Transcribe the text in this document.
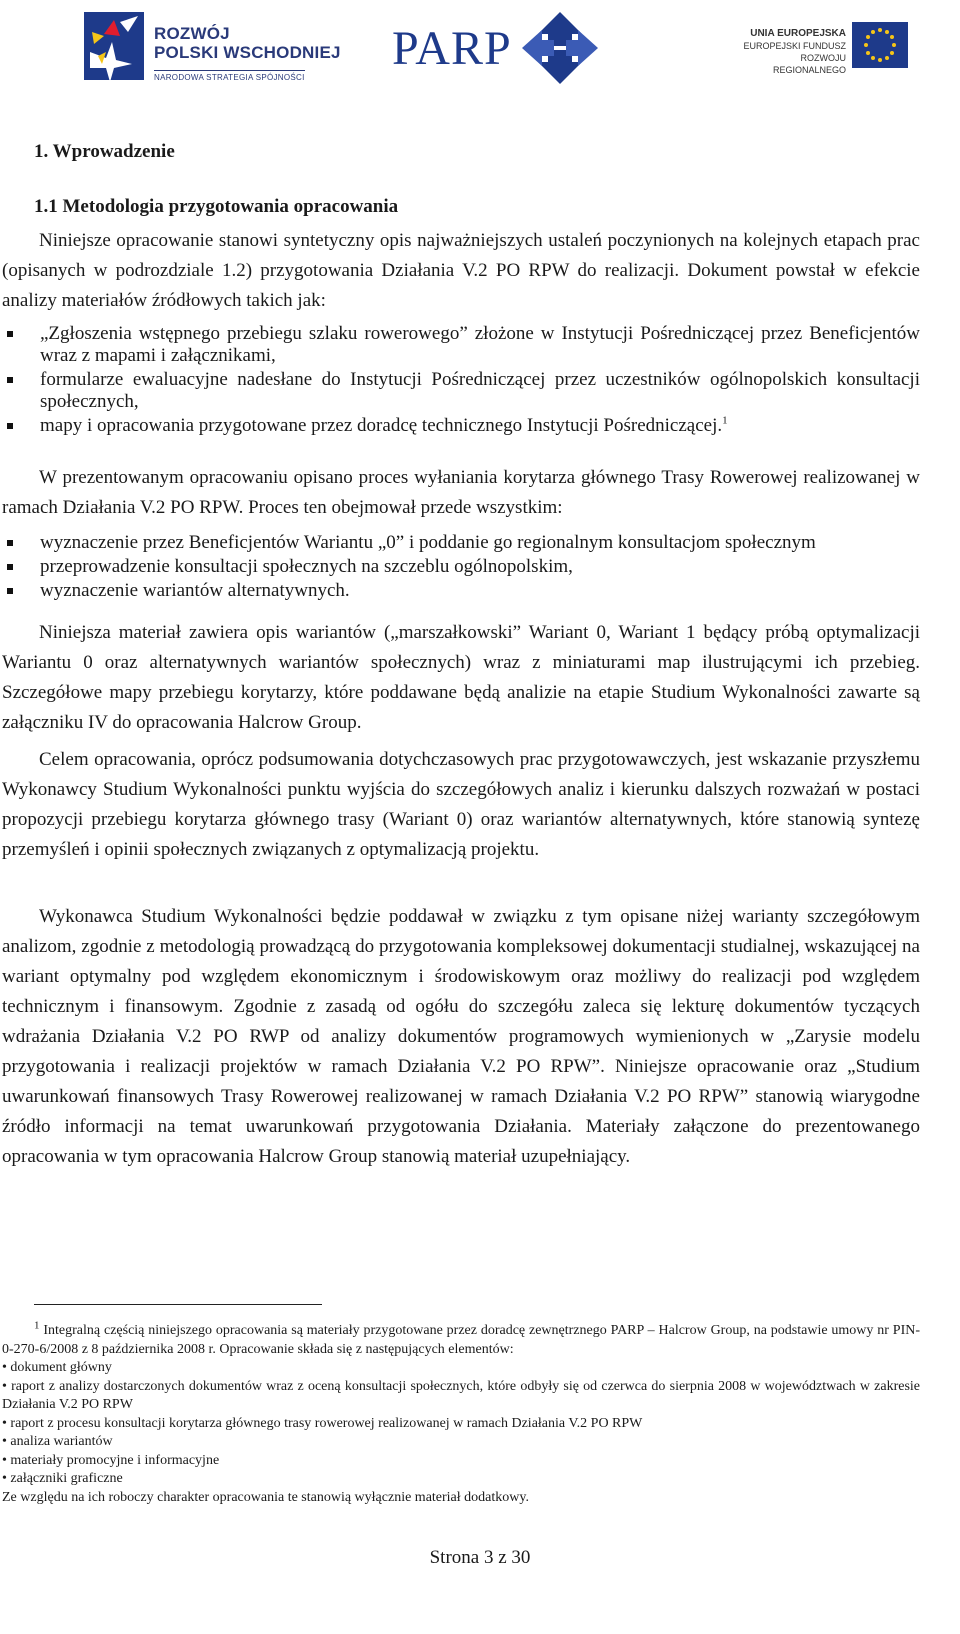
ROZWÓJ
POLSKI WSCHODNIEJ
NARODOWA STRATEGIA SPÓJNOŚCI
PARP	UNIA EUROPEJSKA
EUROPEJSKI FUNDUSZ
ROZWOJU REGIONALNEGO
1. Wprowadzenie
1.1 Metodologia przygotowania opracowania

Niniejsze opracowanie stanowi syntetyczny opis najważniejszych ustaleń poczynionych na kolejnych etapach prac (opisanych w podrozdziale 1.2) przygotowania Działania V.2 PO RPW do realizacji. Dokument powstał w efekcie analizy materiałów źródłowych takich jak:

„Zgłoszenia wstępnego przebiegu szlaku rowerowego” złożone w Instytucji Pośredniczącej przez Beneficjentów wraz z mapami i załącznikami,
formularze ewaluacyjne nadesłane do Instytucji Pośredniczącej przez uczestników ogólnopolskich konsultacji społecznych,
mapy i opracowania przygotowane przez doradcę technicznego Instytucji Pośredniczącej.$^1$

W prezentowanym opracowaniu opisano proces wyłaniania korytarza głównego Trasy Rowerowej realizowanej w ramach Działania V.2 PO RPW. Proces ten obejmował przede wszystkim:

wyznaczenie przez Beneficjentów Wariantu „0” i poddanie go regionalnym konsultacjom społecznym
przeprowadzenie konsultacji społecznych na szczeblu ogólnopolskim,
wyznaczenie wariantów alternatywnych.

Niniejsza materiał zawiera opis wariantów („marszałkowski” Wariant 0, Wariant 1 będący próbą optymalizacji Wariantu 0 oraz alternatywnych wariantów społecznych) wraz z miniaturami map ilustrującymi ich przebieg. Szczegółowe mapy przebiegu korytarzy, które poddawane będą analizie na etapie Studium Wykonalności zawarte są załączniku IV do opracowania Halcrow Group.

Celem opracowania, oprócz podsumowania dotychczasowych prac przygotowawczych, jest wskazanie przyszłemu Wykonawcy Studium Wykonalności punktu wyjścia do szczegółowych analiz i kierunku dalszych rozważań w postaci propozycji przebiegu korytarza głównego trasy (Wariant 0) oraz wariantów alternatywnych, które stanowią syntezę przemyśleń i opinii społecznych związanych z optymalizacją projektu.

Wykonawca Studium Wykonalności będzie poddawał w związku z tym opisane niżej warianty szczegółowym analizom, zgodnie z metodologią prowadzącą do przygotowania kompleksowej dokumentacji studialnej, wskazującej na wariant optymalny pod względem ekonomicznym i środowiskowym oraz możliwy do realizacji pod względem technicznym i finansowym. Zgodnie z zasadą od ogółu do szczegółu zaleca się lekturę dokumentów tyczących wdrażania Działania V.2 PO RWP od analizy dokumentów programowych wymienionych w „Zarysie modelu przygotowania i realizacji projektów w ramach Działania V.2 PO RPW”. Niniejsze opracowanie oraz „Studium uwarunkowań finansowych Trasy Rowerowej realizowanej w ramach Działania V.2 PO RPW” stanowią wiarygodne źródło informacji na temat uwarunkowań przygotowania Działania. Materiały załączone do prezentowanego opracowania w tym opracowania Halcrow Group stanowią materiał uzupełniający.

$^1$ Integralną częścią niniejszego opracowania są materiały przygotowane przez doradcę zewnętrznego PARP – Halcrow Group, na podstawie umowy nr PIN-0-270-6/2008 z 8 października 2008 r. Opracowanie składa się z następujących elementów:

• dokument główny

• raport z analizy dostarczonych dokumentów wraz z oceną konsultacji społecznych, które odbyły się od czerwca do sierpnia 2008 w województwach w zakresie Działania V.2 PO RPW

• raport z procesu konsultacji korytarza głównego trasy rowerowej realizowanej w ramach Działania V.2 PO RPW

• analiza wariantów

• materiały promocyjne i informacyjne

• załączniki graficzne

Ze względu na ich roboczy charakter opracowania te stanowią wyłącznie materiał dodatkowy.

Strona 3 z 30
